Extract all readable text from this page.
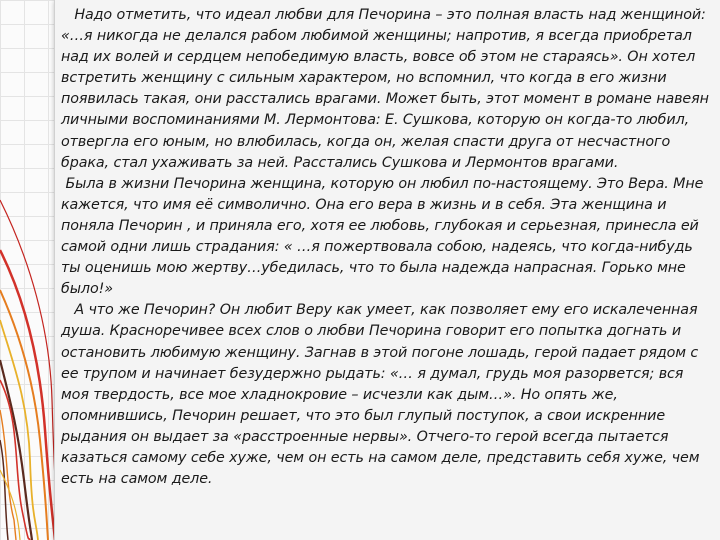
Надо отметить, что идеал любви для Печорина – это полная власть над женщиной: «…я никогда не делался рабом любимой женщины; напротив, я всегда приобретал над их волей и сердцем непобедимую власть, вовсе об этом не стараясь». Он хотел встретить женщину с сильным характером, но вспомнил, что когда в его жизни появилась такая, они расстались врагами. Может быть, этот момент в романе навеян личными воспоминаниями М. Лермонтова: Е. Сушкова, которую он когда-то любил, отвергла его юным, но влюбилась, когда он, желая спасти друга от несчастного брака, стал ухаживать за ней. Расстались Сушкова и Лермонтов врагами.

Была в жизни Печорина женщина, которую он любил по-настоящему. Это Вера. Мне кажется, что имя её символично. Она его вера в жизнь и в себя. Эта женщина и поняла Печорин , и приняла его, хотя ее любовь, глубокая и серьезная, принесла ей самой одни лишь страдания: « …я пожертвовала собою, надеясь, что когда-нибудь ты оценишь мою жертву…убедилась, что то была надежда напрасная. Горько мне было!»

А что же Печорин? Он любит Веру как умеет, как позволяет ему его искалеченная душа. Красноречивее всех слов о любви Печорина говорит его попытка догнать и остановить любимую женщину. Загнав в этой погоне лошадь, герой падает рядом с ее трупом и начинает безудержно рыдать: «… я думал, грудь моя разорвется; вся моя твердость, все мое хладнокровие – исчезли как дым…». Но опять же, опомнившись, Печорин решает, что это был глупый поступок, а свои искренние рыдания он выдает за «расстроенные нервы». Отчего-то герой всегда пытается казаться самому себе хуже, чем он есть на самом деле, представить себя хуже, чем есть на самом деле.
